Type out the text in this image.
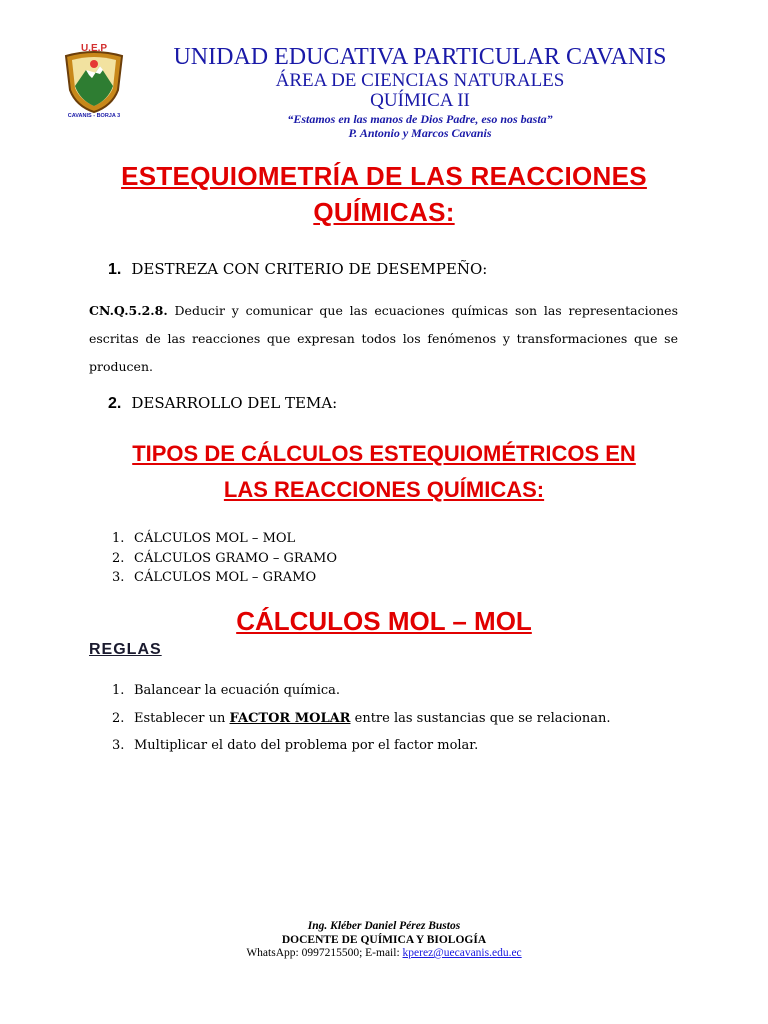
U.E.P
CAVANIS - BORJA 3
UNIDAD EDUCATIVA PARTICULAR CAVANIS
ÁREA DE CIENCIAS NATURALES
QUÍMICA II
“Estamos en las manos de Dios Padre, eso nos basta”
P. Antonio y Marcos Cavanis
ESTEQUIOMETRÍA DE LAS REACCIONES
QUÍMICAS:
1. DESTREZA CON CRITERIO DE DESEMPEÑO:
CN.Q.5.2.8. Deducir y comunicar que las ecuaciones químicas son las representaciones escritas de las reacciones que expresan todos los fenómenos y transformaciones que se producen.
2. DESARROLLO DEL TEMA:
TIPOS DE CÁLCULOS ESTEQUIOMÉTRICOS EN
LAS REACCIONES QUÍMICAS:
1. CÁLCULOS MOL – MOL
2. CÁLCULOS GRAMO – GRAMO
3. CÁLCULOS MOL – GRAMO
CÁLCULOS MOL – MOL
REGLAS
1. Balancear la ecuación química.
2. Establecer un FACTOR MOLAR entre las sustancias que se relacionan.
3. Multiplicar el dato del problema por el factor molar.
Ing. Kléber Daniel Pérez Bustos
DOCENTE DE QUÍMICA Y BIOLOGÍA
WhatsApp: 0997215500; E-mail: kperez@uecavanis.edu.ec
